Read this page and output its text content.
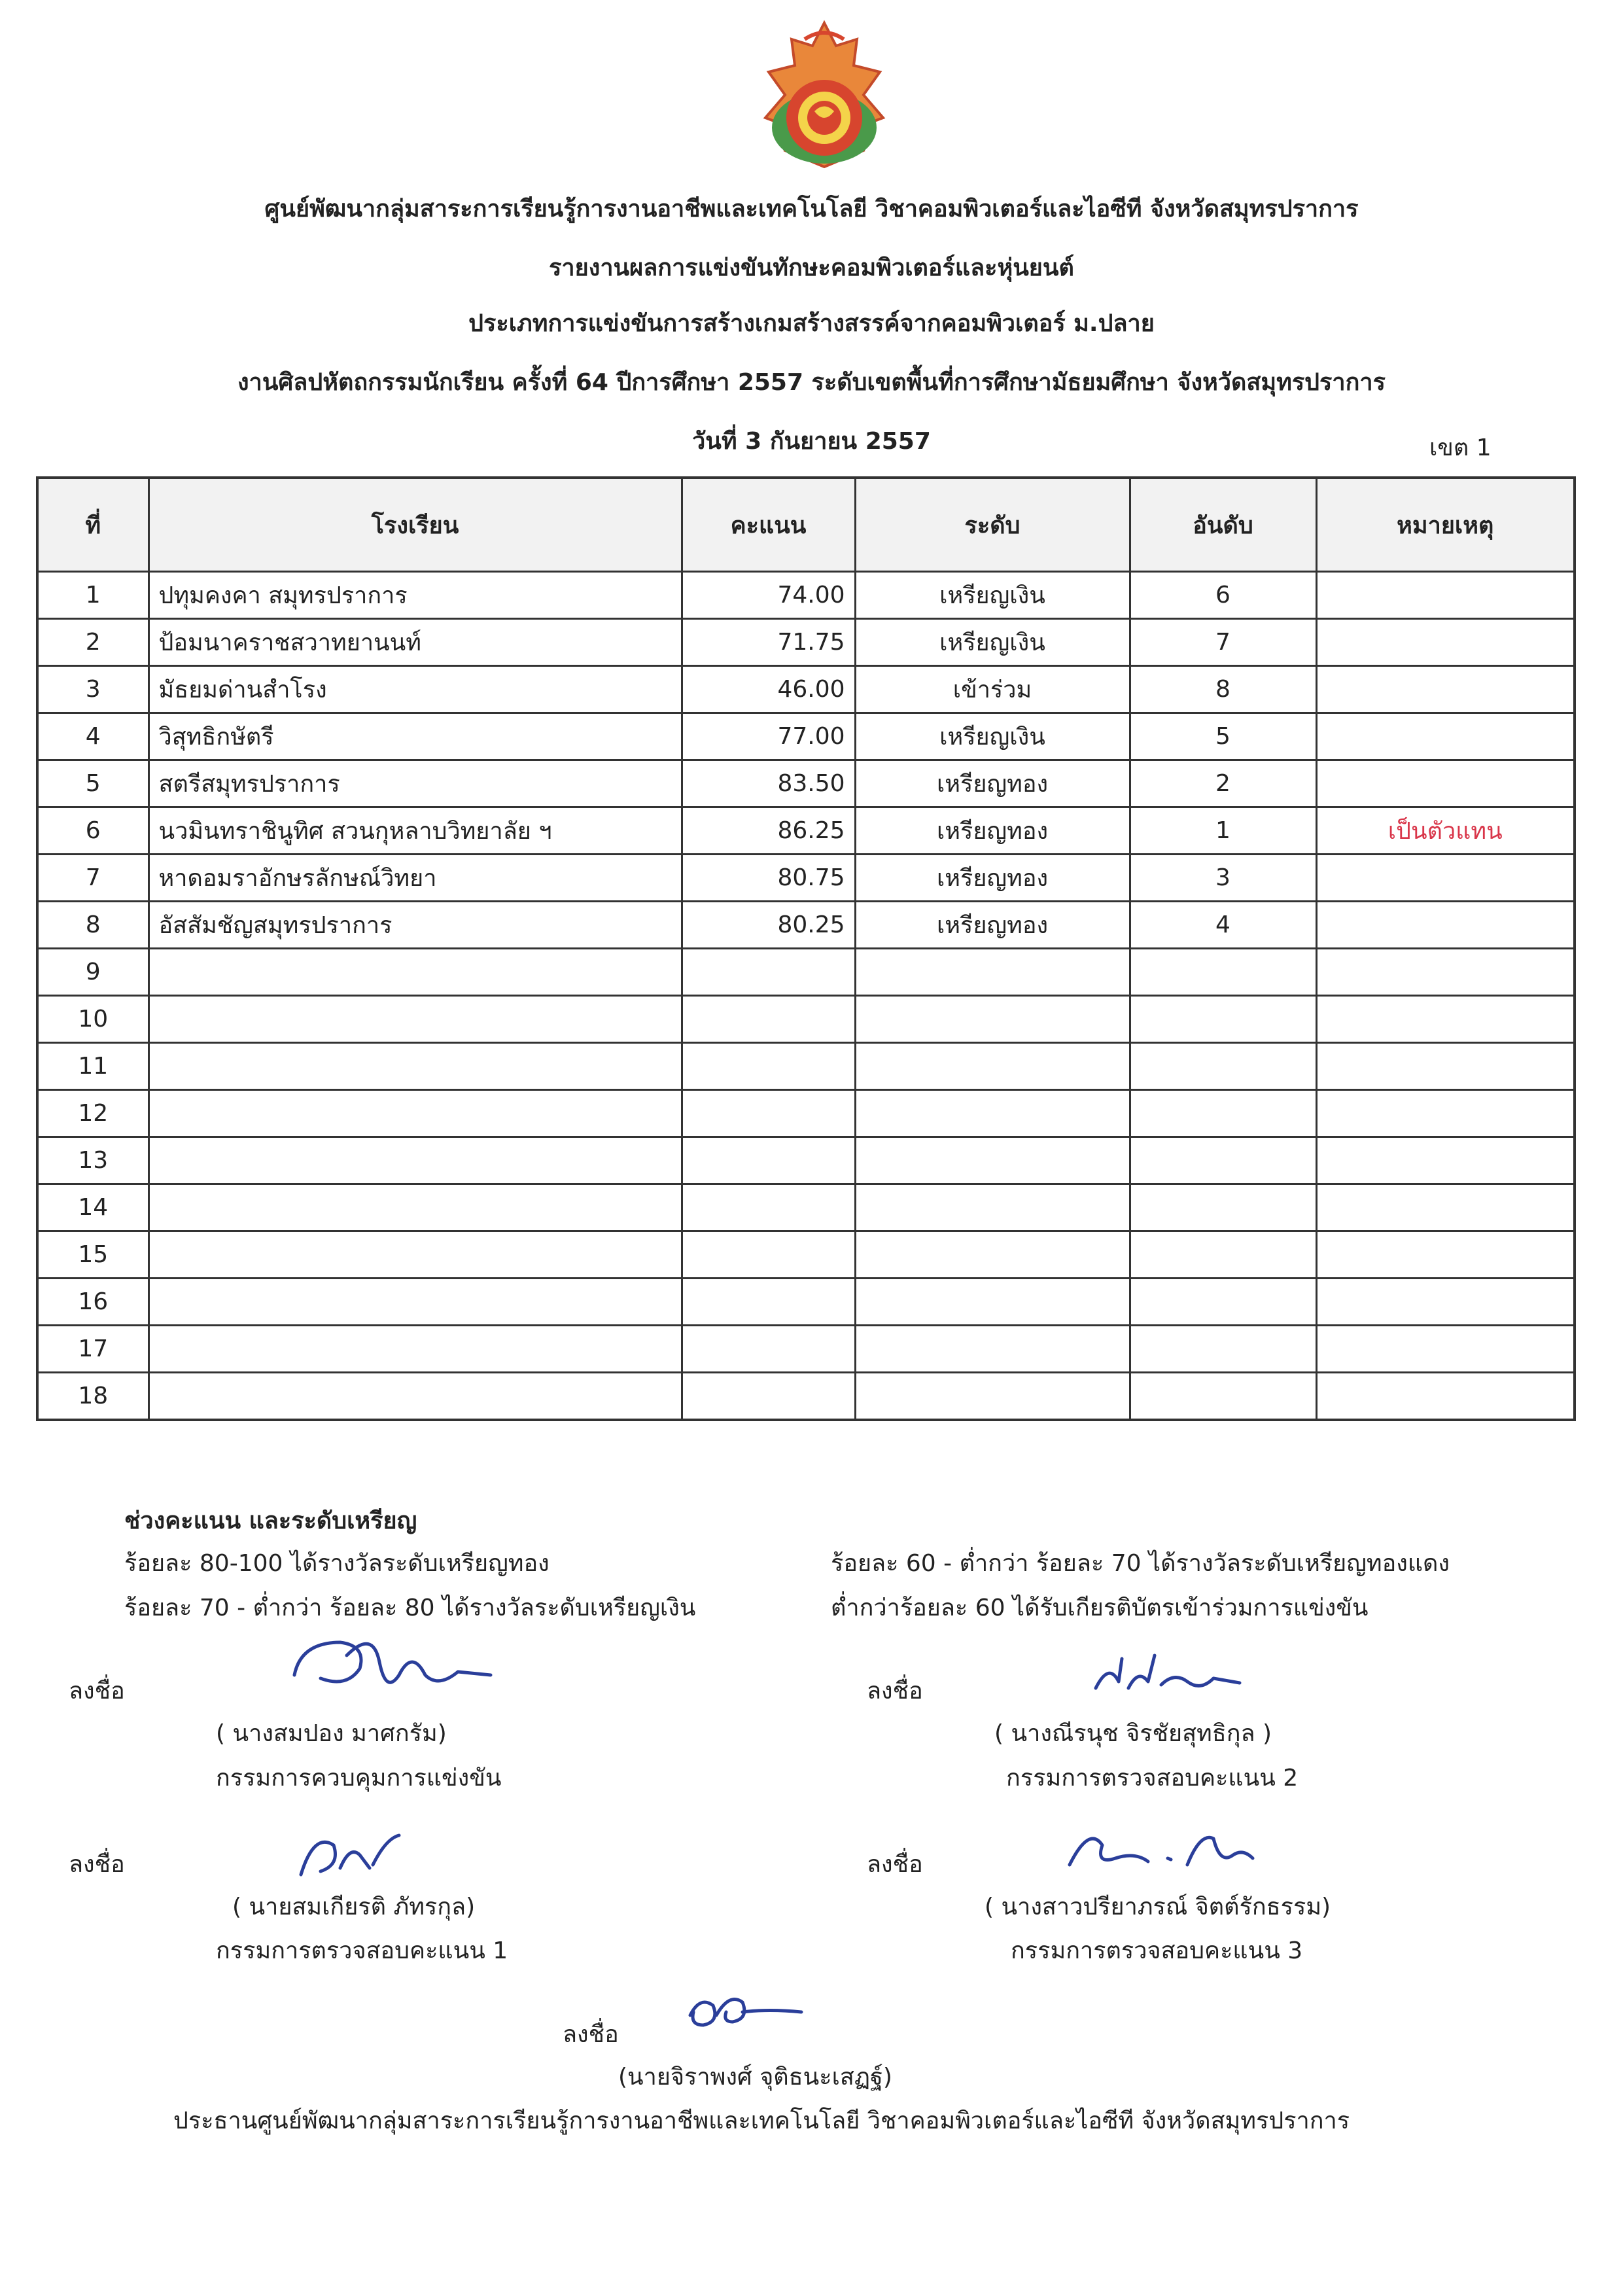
ศูนย์พัฒนากลุ่มสาระการเรียนรู้การงานอาชีพและเทคโนโลยี วิชาคอมพิวเตอร์และไอซีที จังหวัดสมุทรปราการ
รายงานผลการแข่งขันทักษะคอมพิวเตอร์และหุ่นยนต์
ประเภทการแข่งขันการสร้างเกมสร้างสรรค์จากคอมพิวเตอร์ ม.ปลาย
งานศิลปหัตถกรรมนักเรียน ครั้งที่ 64 ปีการศึกษา 2557 ระดับเขตพื้นที่การศึกษามัธยมศึกษา จังหวัดสมุทรปราการ
วันที่ 3 กันยายน 2557	เขต 1
ที่	โรงเรียน	คะแนน	ระดับ	อันดับ	หมายเหตุ
1	ปทุมคงคา สมุทรปราการ	74.00	เหรียญเงิน	6	
2	ป้อมนาคราชสวาทยานนท์	71.75	เหรียญเงิน	7	
3	มัธยมด่านสำโรง	46.00	เข้าร่วม	8	
4	วิสุทธิกษัตรี	77.00	เหรียญเงิน	5	
5	สตรีสมุทรปราการ	83.50	เหรียญทอง	2	
6	นวมินทราชินูทิศ สวนกุหลาบวิทยาลัย ฯ	86.25	เหรียญทอง	1	เป็นตัวแทน
7	หาดอมราอักษรลักษณ์วิทยา	80.75	เหรียญทอง	3	
8	อัสสัมชัญสมุทรปราการ	80.25	เหรียญทอง	4	
9					
10					
11					
12					
13					
14					
15					
16					
17					
18					
ช่วงคะแนน และระดับเหรียญ
ร้อยละ 80-100 ได้รางวัลระดับเหรียญทอง
ร้อยละ 70 - ต่ำกว่า ร้อยละ 80 ได้รางวัลระดับเหรียญเงิน
ร้อยละ 60 - ต่ำกว่า ร้อยละ 70 ได้รางวัลระดับเหรียญทองแดง
ต่ำกว่าร้อยละ 60 ได้รับเกียรติบัตรเข้าร่วมการแข่งขัน
ลงชื่อ
( นางสมปอง มาศกรัม)
กรรมการควบคุมการแข่งขัน
ลงชื่อ
( นางณีรนุช จิรชัยสุทธิกุล )
กรรมการตรวจสอบคะแนน 2
ลงชื่อ
( นายสมเกียรติ ภัทรกุล)
กรรมการตรวจสอบคะแนน 1
ลงชื่อ
( นางสาวปรียาภรณ์ จิตต์รักธรรม)
กรรมการตรวจสอบคะแนน 3
ลงชื่อ
(นายจิราพงศ์ จุติธนะเสฏฐ์)
ประธานศูนย์พัฒนากลุ่มสาระการเรียนรู้การงานอาชีพและเทคโนโลยี วิชาคอมพิวเตอร์และไอซีที จังหวัดสมุทรปราการ
